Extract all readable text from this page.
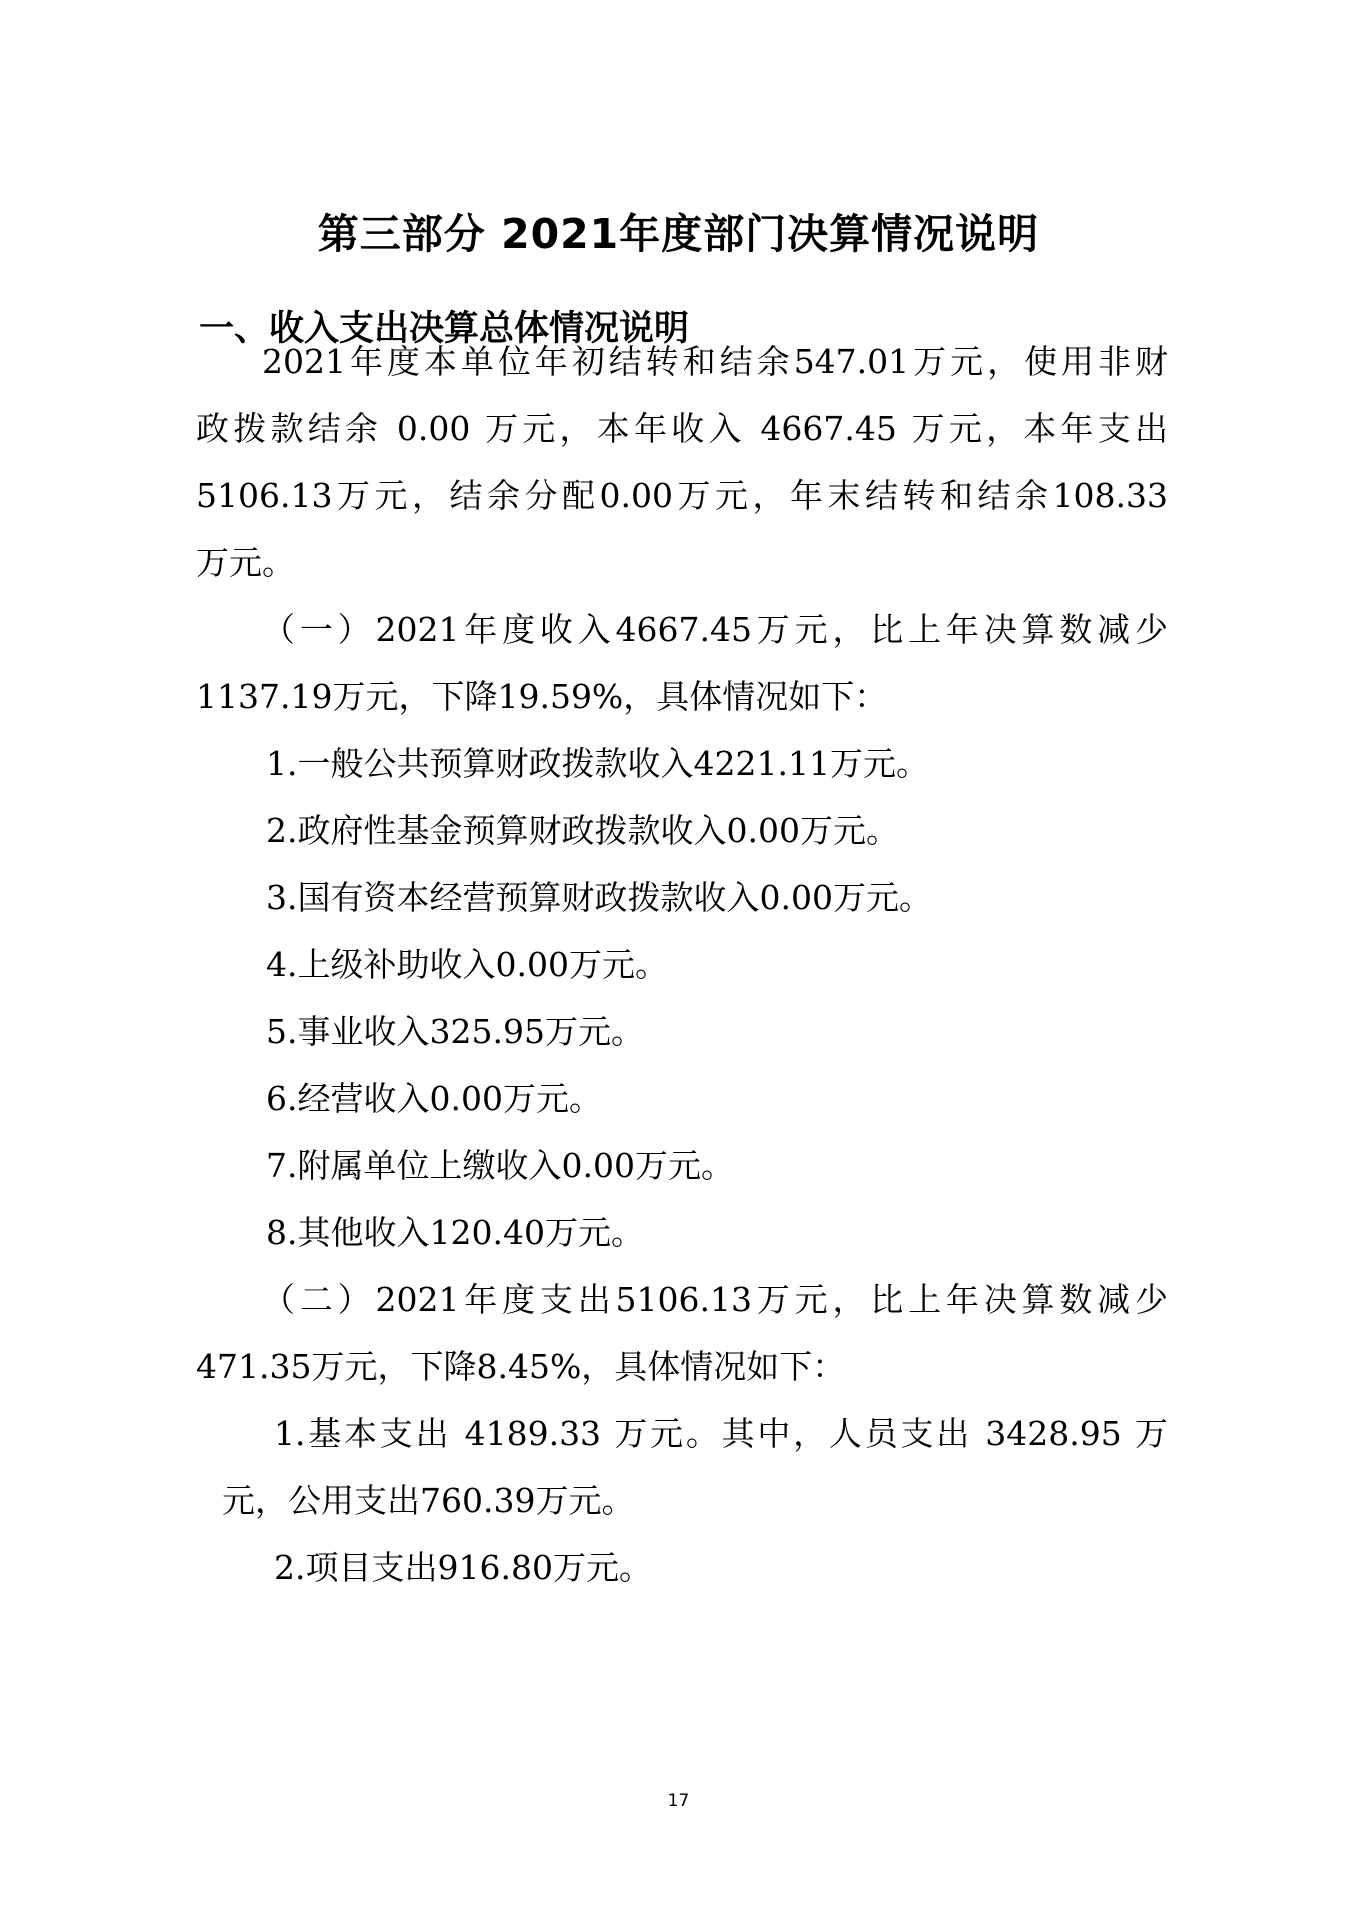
第三部分 2021年度部门决算情况说明
一、收入支出决算总体情况说明
2021年度本单位年初结转和结余547.01万元，使用非财
政拨款结余 0.00 万元，本年收入 4667.45 万元，本年支出
5106.13万元，结余分配0.00万元，年末结转和结余108.33
万元。
（一）2021年度收入4667.45万元，比上年决算数减少
1137.19万元，下降19.59%，具体情况如下：
1.一般公共预算财政拨款收入4221.11万元。
2.政府性基金预算财政拨款收入0.00万元。
3.国有资本经营预算财政拨款收入0.00万元。
4.上级补助收入0.00万元。
5.事业收入325.95万元。
6.经营收入0.00万元。
7.附属单位上缴收入0.00万元。
8.其他收入120.40万元。
（二）2021年度支出5106.13万元，比上年决算数减少
471.35万元，下降8.45%，具体情况如下：
1.基本支出 4189.33 万元。其中，人员支出 3428.95 万
元，公用支出760.39万元。
2.项目支出916.80万元。
17
